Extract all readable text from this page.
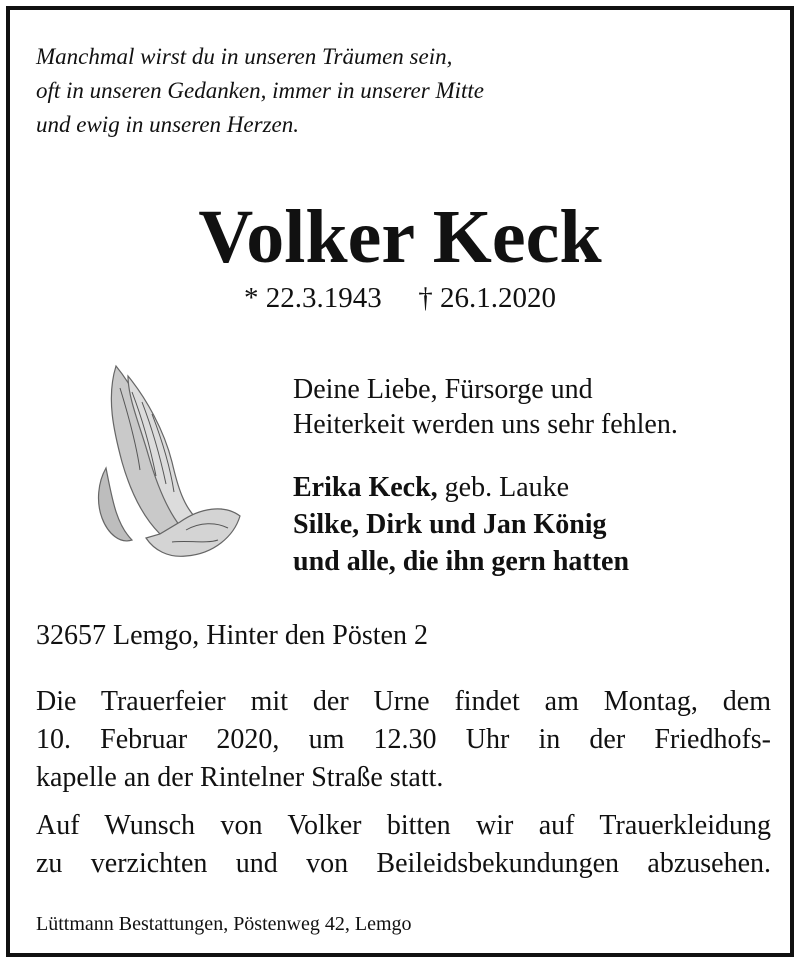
Manchmal wirst du in unseren Träumen sein,
oft in unseren Gedanken, immer in unserer Mitte
und ewig in unseren Herzen.

Volker Keck
* 22.3.1943 † 26.1.2020

Deine Liebe, Fürsorge und
Heiterkeit werden uns sehr fehlen.

Erika Keck, geb. Lauke
Silke, Dirk und Jan König
und alle, die ihn gern hatten
32657 Lemgo, Hinter den Pösten 2

Die Trauerfeier mit der Urne findet am Montag, dem
10. Februar 2020, um 12.30 Uhr in der Friedhofs-
kapelle an der Rintelner Straße statt.

Auf Wunsch von Volker bitten wir auf Trauerkleidung
zu verzichten und von Beileidsbekundungen abzusehen.

Lüttmann Bestattungen, Pöstenweg 42, Lemgo
